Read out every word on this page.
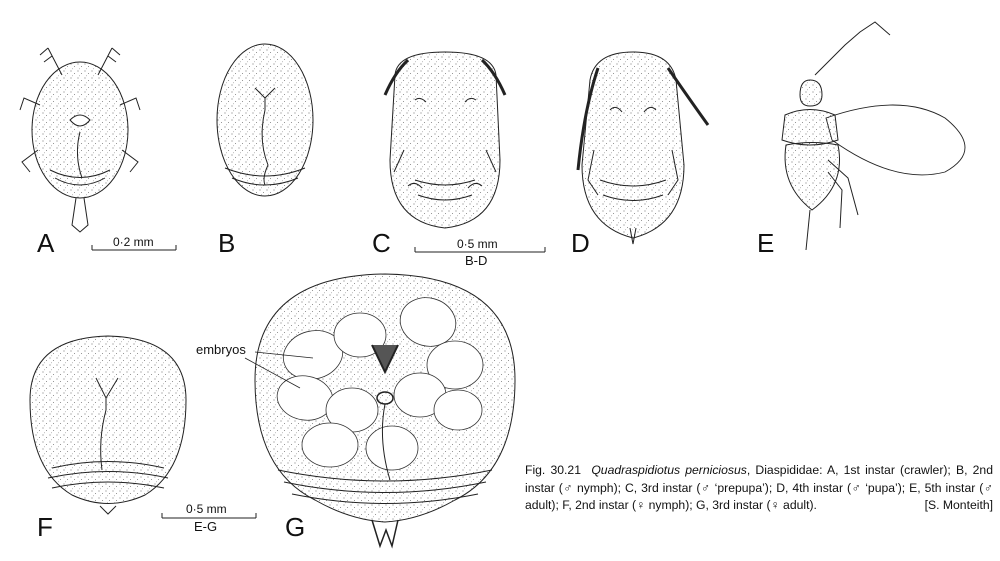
A	B	C	D	E
F	G
0·2 mm	0·5 mm
B-D
0·5 mm
E-G
embryos
Fig. 30.21 Quadraspidiotus perniciosus, Diaspididae: A, 1st instar (crawler); B, 2nd instar (♂ nymph); C, 3rd instar (♂ ‘prepupa’); D, 4th instar (♂ ‘pupa’); E, 5th instar (♂ adult); F, 2nd instar (♀ nymph); G, 3rd instar (♀ adult).	[S. Monteith]
